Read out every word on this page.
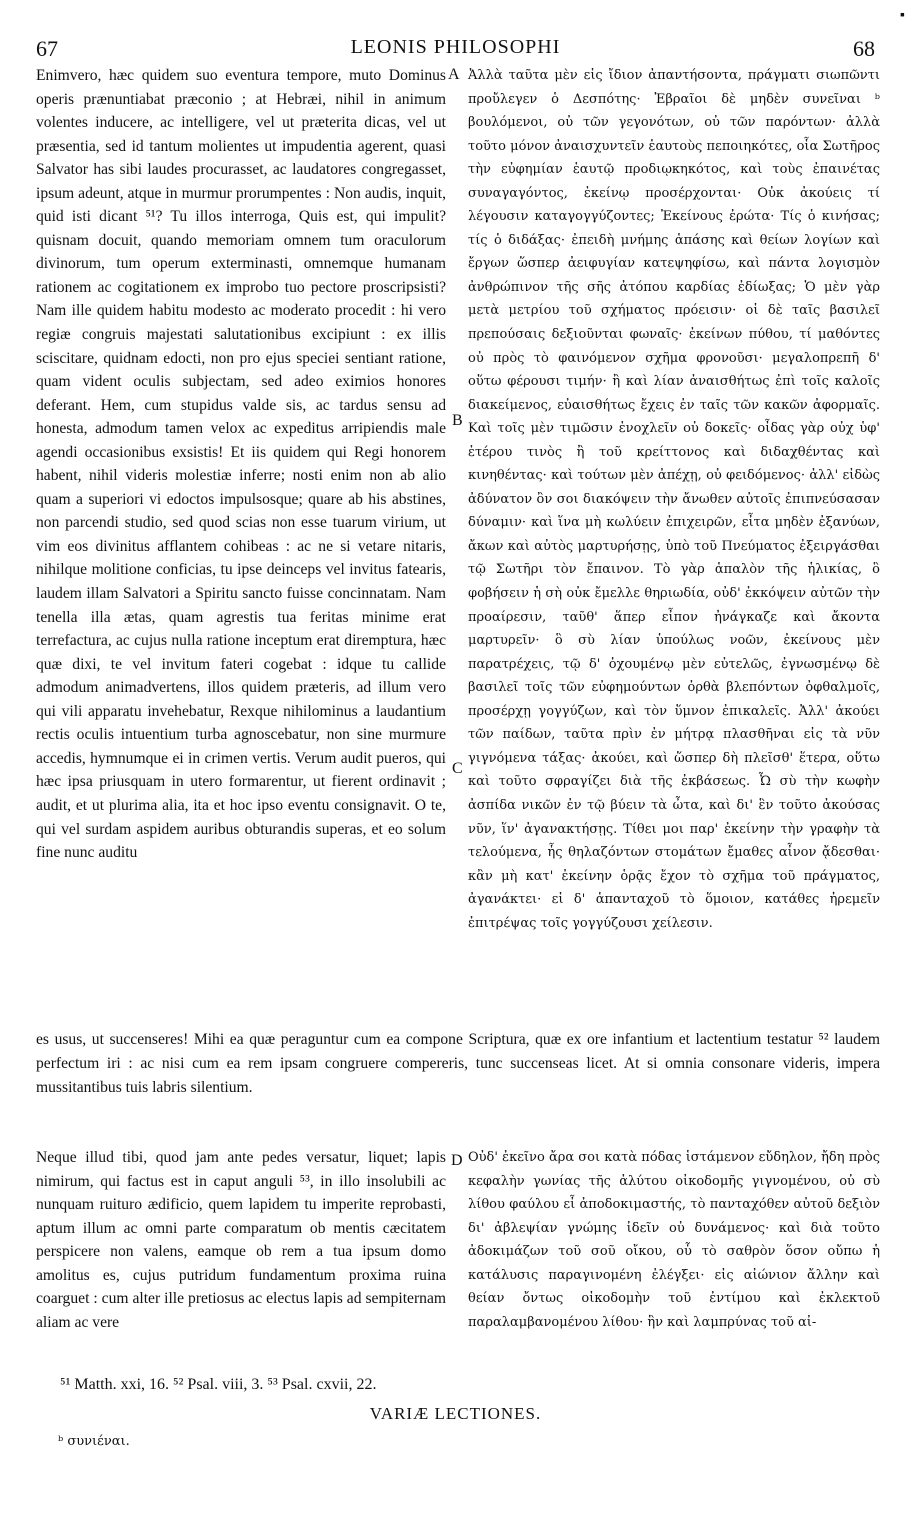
▪
67	LEONIS PHILOSOPHI	68

Enimvero, hæc quidem suo eventura tempore, muto Dominus operis prænuntiabat præconio ; at Hebræi, nihil in animum volentes inducere, ac intelligere, vel ut præterita dicas, vel ut præsentia, sed id tantum molientes ut impudentia agerent, quasi Salvator has sibi laudes procurasset, ac laudatores congregasset, ipsum adeunt, atque in murmur prorumpentes : Non audis, inquit, quid isti dicant ⁵¹? Tu illos interroga, Quis est, qui impulit? quisnam docuit, quando memoriam omnem tum oraculorum divinorum, tum operum exterminasti, omnemque humanam rationem ac cogitationem ex improbo tuo pectore proscripsisti? Nam ille quidem habitu modesto ac moderato procedit : hi vero regiæ congruis majestati salutationibus excipiunt : ex illis sciscitare, quidnam edocti, non pro ejus speciei sentiant ratione, quam vident oculis subjectam, sed adeo eximios honores deferant. Hem, cum stupidus valde sis, ac tardus sensu ad honesta, admodum tamen velox ac expeditus arripiendis male agendi occasionibus exsistis! Et iis quidem qui Regi honorem habent, nihil videris molestiæ inferre; nosti enim non ab alio quam a superiori vi edoctos impulsosque; quare ab his abstines, non parcendi studio, sed quod scias non esse tuarum virium, ut vim eos divinitus afflantem cohibeas : ac ne si vetare nitaris, nihilque molitione conficias, tu ipse deinceps vel invitus fatearis, laudem illam Salvatori a Spiritu sancto fuisse concinnatam. Nam tenella illa ætas, quam agrestis tua feritas minime erat terrefactura, ac cujus nulla ratione inceptum erat diremptura, hæc quæ dixi, te vel invitum fateri cogebat : idque tu callide admodum animadvertens, illos quidem præteris, ad illum vero qui vili apparatu invehebatur, Rexque nihilominus a laudantium rectis oculis intuentium turba agnoscebatur, non sine murmure accedis, hymnumque ei in crimen vertis. Verum audit pueros, qui hæc ipsa priusquam in utero formarentur, ut fierent ordinavit ; audit, et ut plurima alia, ita et hoc ipso eventu consignavit. O te, qui vel surdam aspidem auribus obturandis superas, et eo solum fine nunc auditu

Ἀλλὰ ταῦτα μὲν εἰς ἴδιον ἀπαντήσοντα, πράγματι σιωπῶντι προὔλεγεν ὁ Δεσπότης· Ἑβραῖοι δὲ μηδὲν συνεῖναι ᵇ βουλόμενοι, οὐ τῶν γεγονότων, οὐ τῶν παρόντων· ἀλλὰ τοῦτο μόνον ἀναισχυντεῖν ἑαυτοὺς πεποιηκότες, οἷα Σωτῆρος τὴν εὐφημίαν ἑαυτῷ προδιῳκηκότος, καὶ τοὺς ἐπαινέτας συναγαγόντος, ἐκείνῳ προσέρχονται· Οὐκ ἀκούεις τί λέγουσιν καταγογγύζοντες; Ἐκείνους ἐρώτα· Τίς ὁ κινήσας; τίς ὁ διδάξας· ἐπειδὴ μνήμης ἁπάσης καὶ θείων λογίων καὶ ἔργων ὥσπερ ἀειφυγίαν κατεψηφίσω, καὶ πάντα λογισμὸν ἀνθρώπινον τῆς σῆς ἀτόπου καρδίας ἐδίωξας; Ὁ μὲν γὰρ μετὰ μετρίου τοῦ σχήματος πρόεισιν· οἱ δὲ ταῖς βασιλεῖ πρεπούσαις δεξιοῦνται φωναῖς· ἐκείνων πύθου, τί μαθόντες οὐ πρὸς τὸ φαινόμενον σχῆμα φρονοῦσι· μεγαλοπρεπῆ δ' οὕτω φέρουσι τιμήν· ἢ καὶ λίαν ἀναισθήτως ἐπὶ τοῖς καλοῖς διακείμενος, εὐαισθήτως ἔχεις ἐν ταῖς τῶν κακῶν ἀφορμαῖς. Καὶ τοῖς μὲν τιμῶσιν ἐνοχλεῖν οὐ δοκεῖς· οἶδας γὰρ οὐχ ὑφ' ἑτέρου τινὸς ἢ τοῦ κρείττονος καὶ διδαχθέντας καὶ κινηθέντας· καὶ τούτων μὲν ἀπέχῃ, οὐ φειδόμενος· ἀλλ' εἰδὼς ἀδύνατον ὂν σοι διακόψειν τὴν ἄνωθεν αὐτοῖς ἐπιπνεύσασαν δύναμιν· καὶ ἵνα μὴ κωλύειν ἐπιχειρῶν, εἶτα μηδὲν ἐξανύων, ἄκων καὶ αὐτὸς μαρτυρήσῃς, ὑπὸ τοῦ Πνεύματος ἐξειργάσθαι τῷ Σωτῆρι τὸν ἔπαινον. Τὸ γὰρ ἁπαλὸν τῆς ἡλικίας, ὃ φοβήσειν ἡ σὴ οὐκ ἔμελλε θηριωδία, οὐδ' ἐκκόψειν αὐτῶν τὴν προαίρεσιν, ταῦθ' ἅπερ εἶπον ἠνάγκαζε καὶ ἄκοντα μαρτυρεῖν· ὃ σὺ λίαν ὑπούλως νοῶν, ἐκείνους μὲν παρατρέχεις, τῷ δ' ὀχουμένῳ μὲν εὐτελῶς, ἐγνωσμένῳ δὲ βασιλεῖ τοῖς τῶν εὐφημούντων ὀρθὰ βλεπόντων ὀφθαλμοῖς, προσέρχῃ γογγύζων, καὶ τὸν ὕμνον ἐπικαλεῖς. Ἀλλ' ἀκούει τῶν παίδων, ταῦτα πρὶν ἐν μήτρᾳ πλασθῆναι εἰς τὰ νῦν γιγνόμενα τάξας· ἀκούει, καὶ ὥσπερ δὴ πλεῖσθ' ἕτερα, οὕτω καὶ τοῦτο σφραγίζει διὰ τῆς ἐκβάσεως. Ὦ σὺ τὴν κωφὴν ἀσπίδα νικῶν ἐν τῷ βύειν τὰ ὦτα, καὶ δι' ἓν τοῦτο ἀκούσας νῦν, ἵν' ἀγανακτήσῃς. Τίθει μοι παρ' ἐκείνην τὴν γραφὴν τὰ τελούμενα, ἧς θηλαζόντων στομάτων ἔμαθες αἶνον ᾄδεσθαι· κἂν μὴ κατ' ἐκείνην ὁρᾷς ἔχον τὸ σχῆμα τοῦ πράγματος, ἀγανάκτει· εἰ δ' ἁπανταχοῦ τὸ ὅμοιον, κατάθες ἠρεμεῖν ἐπιτρέψας τοῖς γογγύζουσι χείλεσιν.

A
B
C
D

es usus, ut succenseres! Mihi ea quæ peraguntur cum ea compone Scriptura, quæ ex ore infantium et lactentium testatur ⁵² laudem perfectum iri : ac nisi cum ea rem ipsam congruere compereris, tunc succenseas licet. At si omnia consonare videris, impera mussitantibus tuis labris silentium.

Neque illud tibi, quod jam ante pedes versatur, liquet; lapis nimirum, qui factus est in caput anguli ⁵³, in illo insolubili ac nunquam ruituro ædificio, quem lapidem tu imperite reprobasti, aptum illum ac omni parte comparatum ob mentis cæcitatem perspicere non valens, eamque ob rem a tua ipsum domo amolitus es, cujus putridum fundamentum proxima ruina coarguet : cum alter ille pretiosus ac electus lapis ad sempiternam aliam ac vere

Οὐδ' ἐκεῖνο ἄρα σοι κατὰ πόδας ἱστάμενον εὔδηλον, ἤδη πρὸς κεφαλὴν γωνίας τῆς ἀλύτου οἰκοδομῆς γιγνομένου, οὐ σὺ λίθου φαύλου εἶ ἀποδοκιμαστής, τὸ πανταχόθεν αὐτοῦ δεξιὸν δι' ἀβλεψίαν γνώμης ἰδεῖν οὐ δυνάμενος· καὶ διὰ τοῦτο ἀδοκιμάζων τοῦ σοῦ οἴκου, οὗ τὸ σαθρὸν ὅσον οὔπω ἡ κατάλυσις παραγινομένη ἐλέγξει· εἰς αἰώνιον ἄλλην καὶ θείαν ὄντως οἰκοδομὴν τοῦ ἐντίμου καὶ ἐκλεκτοῦ παραλαμβανομένου λίθου· ἣν καὶ λαμπρύνας τοῦ αἰ-

⁵¹ Matth. xxi, 16. ⁵² Psal. viii, 3. ⁵³ Psal. cxvii, 22.
VARIÆ LECTIONES.
ᵇ συνιέναι.
